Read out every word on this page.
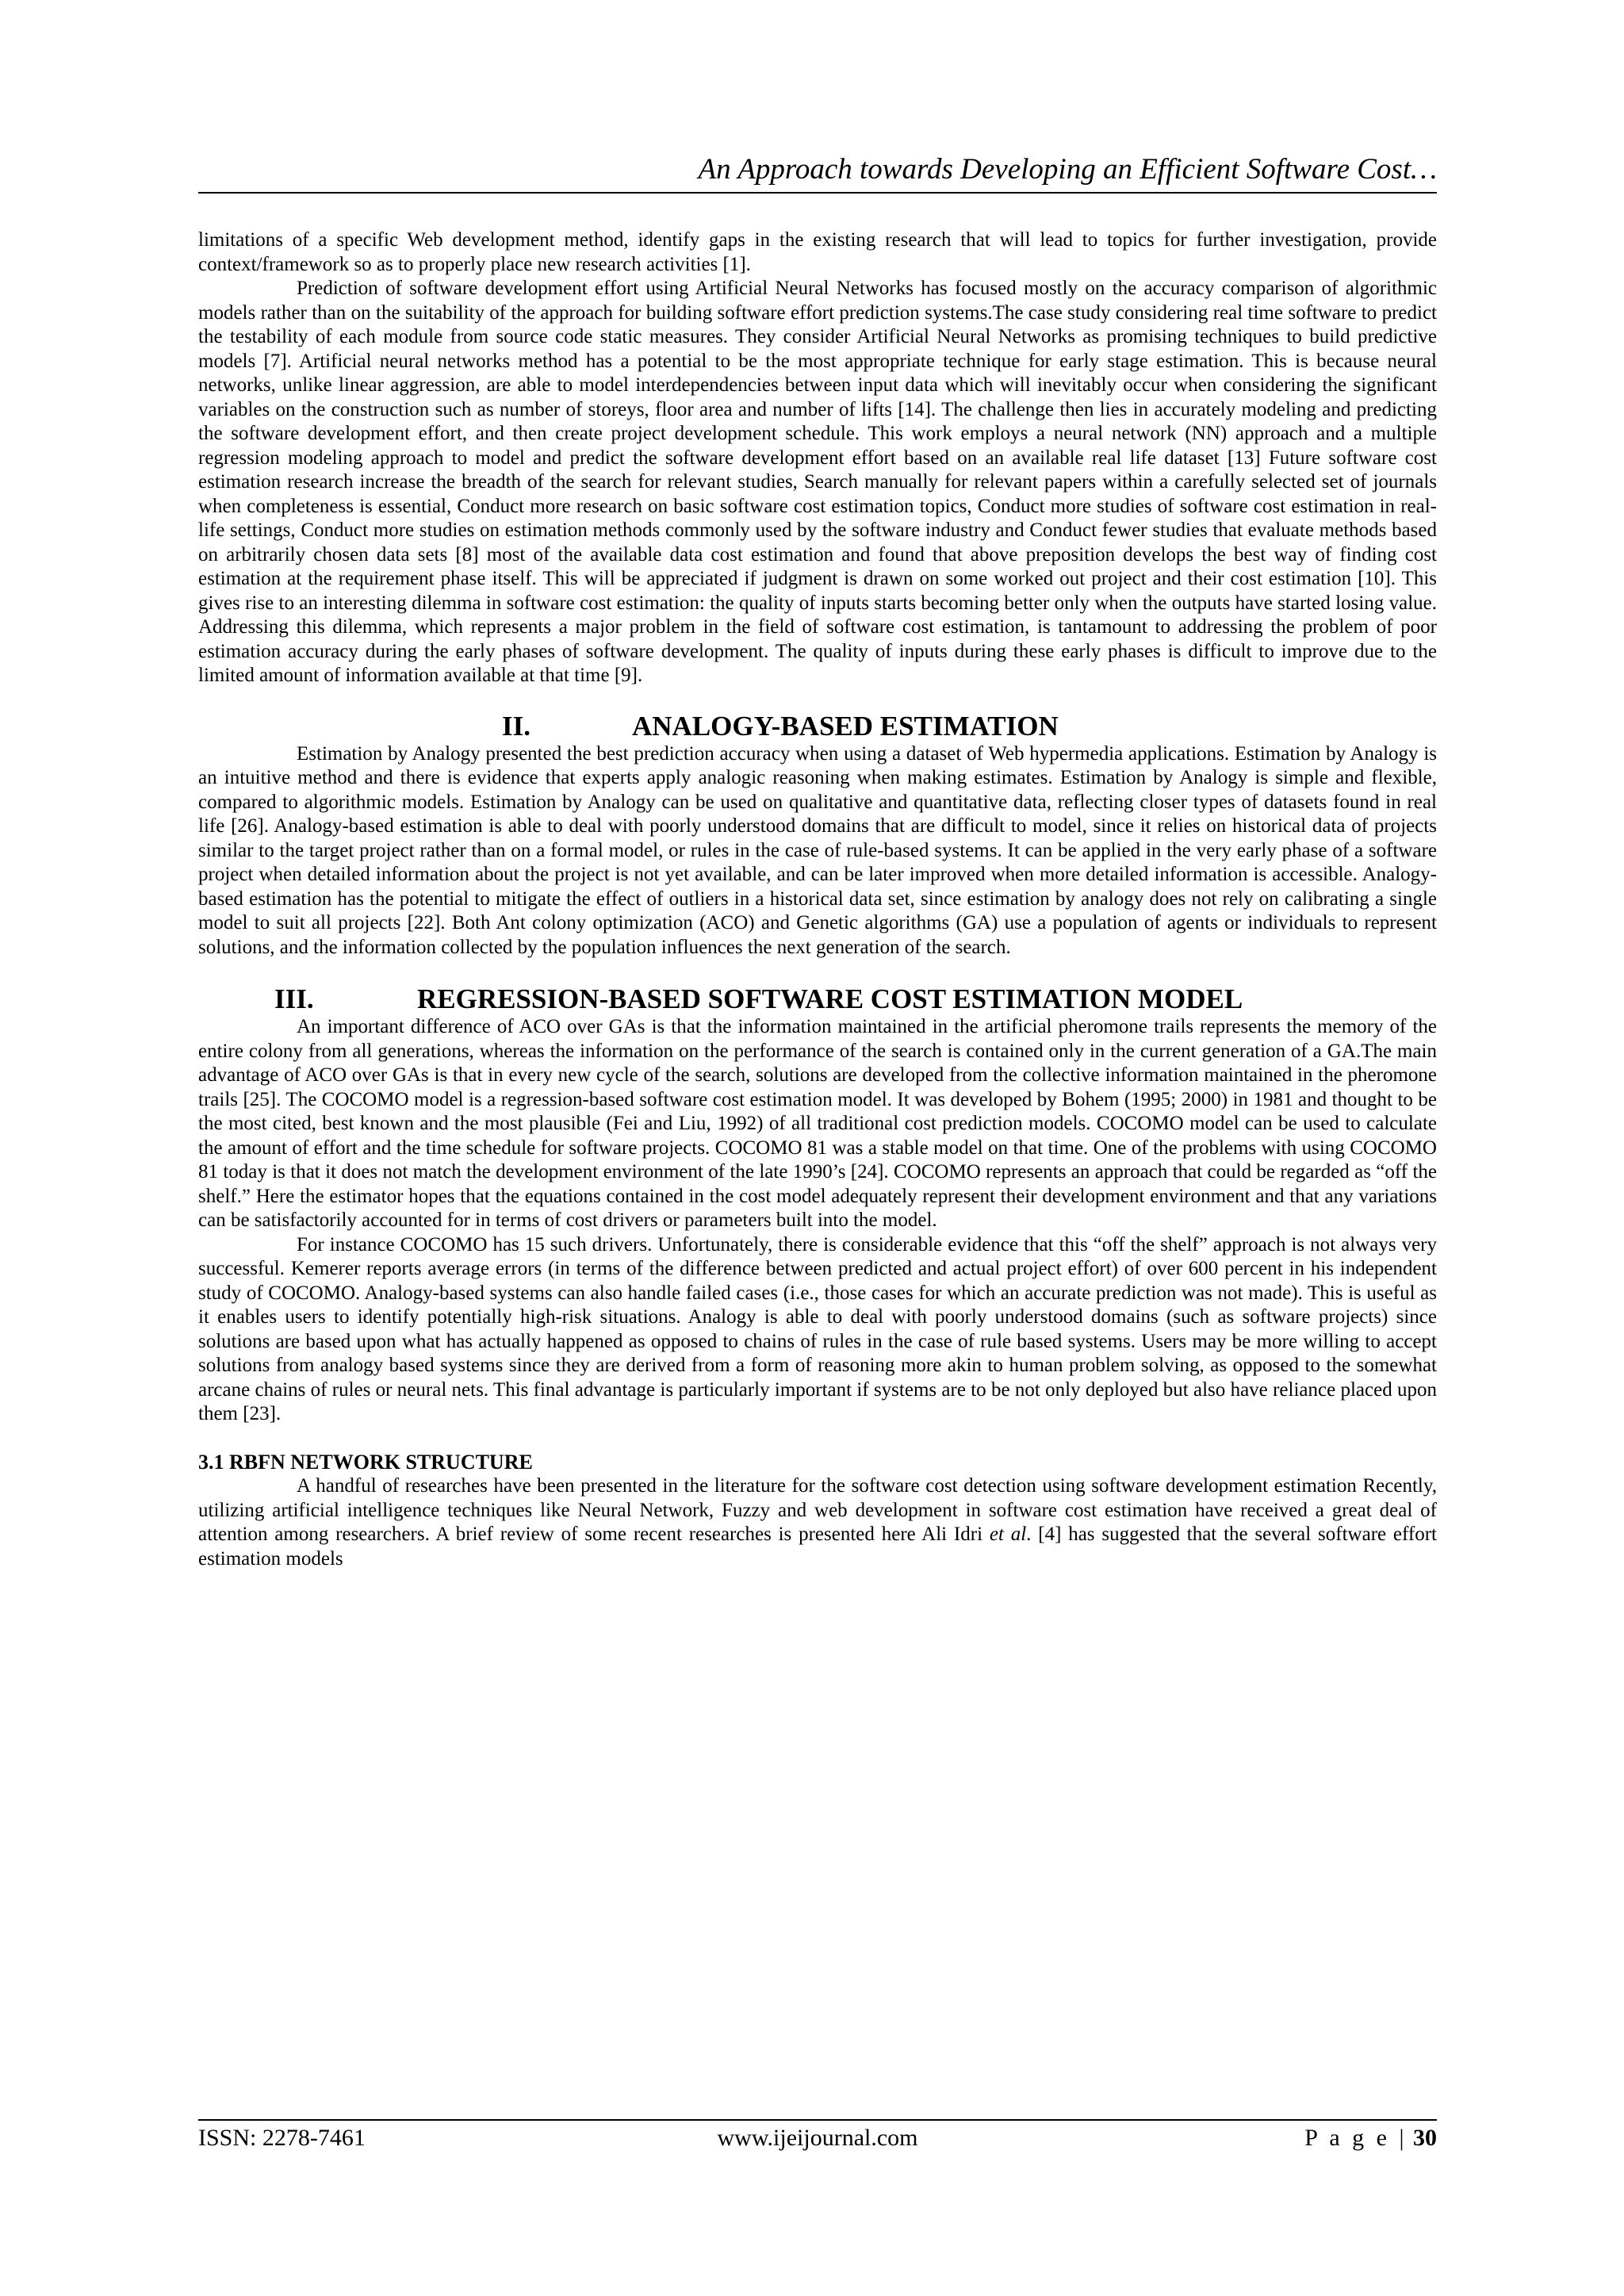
An Approach towards Developing an Efficient Software Cost…

limitations of a specific Web development method, identify gaps in the existing research that will lead to topics for further investigation, provide context/framework so as to properly place new research activities [1].

Prediction of software development effort using Artificial Neural Networks has focused mostly on the accuracy comparison of algorithmic models rather than on the suitability of the approach for building software effort prediction systems.The case study considering real time software to predict the testability of each module from source code static measures. They consider Artificial Neural Networks as promising techniques to build predictive models [7]. Artificial neural networks method has a potential to be the most appropriate technique for early stage estimation. This is because neural networks, unlike linear aggression, are able to model interdependencies between input data which will inevitably occur when considering the significant variables on the construction such as number of storeys, floor area and number of lifts [14]. The challenge then lies in accurately modeling and predicting the software development effort, and then create project development schedule. This work employs a neural network (NN) approach and a multiple regression modeling approach to model and predict the software development effort based on an available real life dataset [13] Future software cost estimation research increase the breadth of the search for relevant studies, Search manually for relevant papers within a carefully selected set of journals when completeness is essential, Conduct more research on basic software cost estimation topics, Conduct more studies of software cost estimation in real-life settings, Conduct more studies on estimation methods commonly used by the software industry and Conduct fewer studies that evaluate methods based on arbitrarily chosen data sets [8] most of the available data cost estimation and found that above preposition develops the best way of finding cost estimation at the requirement phase itself. This will be appreciated if judgment is drawn on some worked out project and their cost estimation [10]. This gives rise to an interesting dilemma in software cost estimation: the quality of inputs starts becoming better only when the outputs have started losing value. Addressing this dilemma, which represents a major problem in the field of software cost estimation, is tantamount to addressing the problem of poor estimation accuracy during the early phases of software development. The quality of inputs during these early phases is difficult to improve due to the limited amount of information available at that time [9].

II.	ANALOGY-BASED ESTIMATION

Estimation by Analogy presented the best prediction accuracy when using a dataset of Web hypermedia applications. Estimation by Analogy is an intuitive method and there is evidence that experts apply analogic reasoning when making estimates. Estimation by Analogy is simple and flexible, compared to algorithmic models. Estimation by Analogy can be used on qualitative and quantitative data, reflecting closer types of datasets found in real life [26]. Analogy-based estimation is able to deal with poorly understood domains that are difficult to model, since it relies on historical data of projects similar to the target project rather than on a formal model, or rules in the case of rule-based systems. It can be applied in the very early phase of a software project when detailed information about the project is not yet available, and can be later improved when more detailed information is accessible. Analogy-based estimation has the potential to mitigate the effect of outliers in a historical data set, since estimation by analogy does not rely on calibrating a single model to suit all projects [22]. Both Ant colony optimization (ACO) and Genetic algorithms (GA) use a population of agents or individuals to represent solutions, and the information collected by the population influences the next generation of the search.

III.	REGRESSION-BASED SOFTWARE COST ESTIMATION MODEL

An important difference of ACO over GAs is that the information maintained in the artificial pheromone trails represents the memory of the entire colony from all generations, whereas the information on the performance of the search is contained only in the current generation of a GA.The main advantage of ACO over GAs is that in every new cycle of the search, solutions are developed from the collective information maintained in the pheromone trails [25]. The COCOMO model is a regression-based software cost estimation model. It was developed by Bohem (1995; 2000) in 1981 and thought to be the most cited, best known and the most plausible (Fei and Liu, 1992) of all traditional cost prediction models. COCOMO model can be used to calculate the amount of effort and the time schedule for software projects. COCOMO 81 was a stable model on that time. One of the problems with using COCOMO 81 today is that it does not match the development environment of the late 1990’s [24]. COCOMO represents an approach that could be regarded as “off the shelf.” Here the estimator hopes that the equations contained in the cost model adequately represent their development environment and that any variations can be satisfactorily accounted for in terms of cost drivers or parameters built into the model.

For instance COCOMO has 15 such drivers. Unfortunately, there is considerable evidence that this “off the shelf” approach is not always very successful. Kemerer reports average errors (in terms of the difference between predicted and actual project effort) of over 600 percent in his independent study of COCOMO. Analogy-based systems can also handle failed cases (i.e., those cases for which an accurate prediction was not made). This is useful as it enables users to identify potentially high-risk situations. Analogy is able to deal with poorly understood domains (such as software projects) since solutions are based upon what has actually happened as opposed to chains of rules in the case of rule based systems. Users may be more willing to accept solutions from analogy based systems since they are derived from a form of reasoning more akin to human problem solving, as opposed to the somewhat arcane chains of rules or neural nets. This final advantage is particularly important if systems are to be not only deployed but also have reliance placed upon them [23].

3.1 RBFN NETWORK STRUCTURE

A handful of researches have been presented in the literature for the software cost detection using software development estimation Recently, utilizing artificial intelligence techniques like Neural Network, Fuzzy and web development in software cost estimation have received a great deal of attention among researchers. A brief review of some recent researches is presented here Ali Idri et al. [4] has suggested that the several software effort estimation models

ISSN: 2278-7461	www.ijeijournal.com	P a g e | 30
